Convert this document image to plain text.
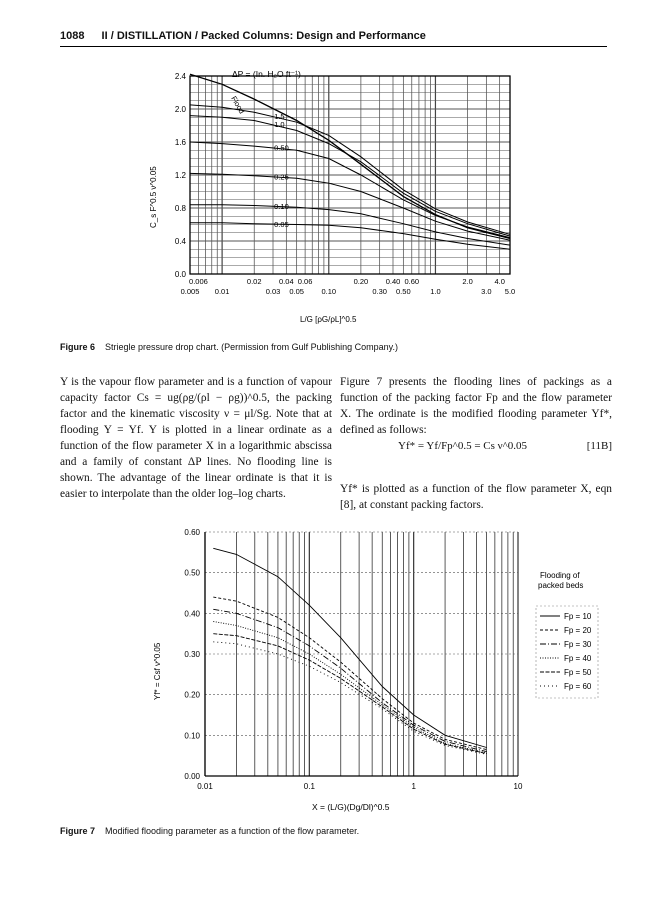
1088 II / DISTILLATION / Packed Columns: Design and Performance
0.0
0.4
0.8
1.2
1.6
2.0
2.4
0.006	0.02 0.04 0.06	0.20 0.40 0.60	2.0	4.0
0.005 0.01	0.03 0.05 0.10	0.30 0.50	1.0	3.0 5.0
1.5
1.0
0.50
0.25
0.10
0.05
ΔP = (In. H₂O ft⁻¹)
Flood
C_s F^0.5 ν^0.05
L/G [ρG/ρL]^0.5
Figure 6 Striegle pressure drop chart. (Permission from Gulf Publishing Company.)

Y is the vapour flow parameter and is a function of vapour capacity factor Cs = ug(ρg/(ρl − ρg))^0.5, the packing factor and the kinematic viscosity ν = μl/Sg. Note that at flooding Y = Yf. Y is plotted in a linear ordinate as a function of the flow parameter X in a logarithmic abscissa and a family of constant ΔP lines. No flooding line is shown. The advantage of the linear ordinate is that it is easier to interpolate than the older log–log charts.

Figure 7 presents the flooding lines of packings as a function of the packing factor Fp and the flow parameter X. The ordinate is the modified flooding parameter Yf*, defined as follows:

Yf* = Yf/Fp^0.5 = Cs ν^0.05	[11B]

Yf* is plotted as a function of the flow parameter X, eqn [8], at constant packing factors.

0.00
0.10
0.20
0.30
0.40
0.50
0.60
0.01	0.1	1	10
Fp = 10
Fp = 20
Fp = 30
Fp = 40
Fp = 50
Fp = 60
Flooding of
packed beds
Yf* = Csf ν^0.05
X = (L/G)(Dg/Dl)^0.5
Figure 7 Modified flooding parameter as a function of the flow parameter.
